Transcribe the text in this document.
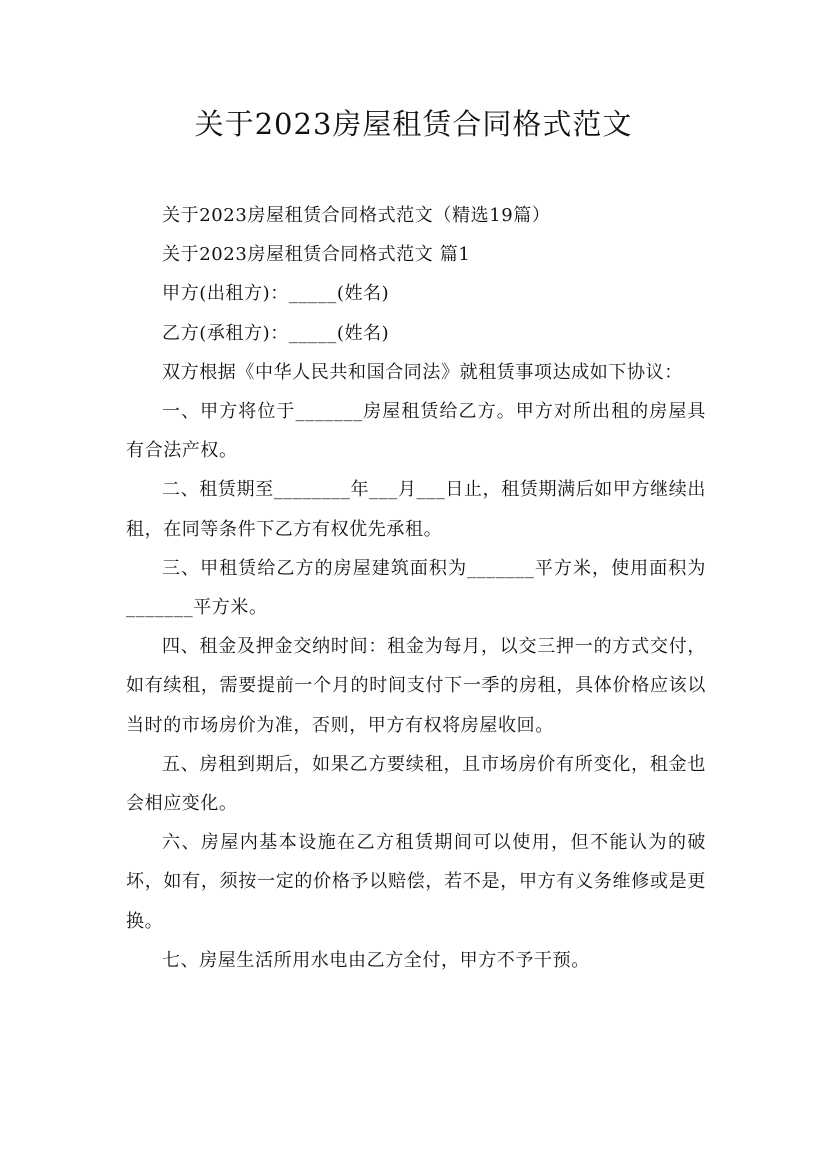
关于2023房屋租赁合同格式范文

关于2023房屋租赁合同格式范文（精选19篇）

关于2023房屋租赁合同格式范文 篇1

甲方(出租方)：_____(姓名)

乙方(承租方)：_____(姓名)

双方根据《中华人民共和国合同法》就租赁事项达成如下协议：

一、甲方将位于_______房屋租赁给乙方。甲方对所出租的房屋具有合法产权。

二、租赁期至________年___月___日止，租赁期满后如甲方继续出租，在同等条件下乙方有权优先承租。

三、甲租赁给乙方的房屋建筑面积为_______平方米，使用面积为_______平方米。

四、租金及押金交纳时间：租金为每月，以交三押一的方式交付，如有续租，需要提前一个月的时间支付下一季的房租，具体价格应该以当时的市场房价为准，否则，甲方有权将房屋收回。

五、房租到期后，如果乙方要续租，且市场房价有所变化，租金也会相应变化。

六、房屋内基本设施在乙方租赁期间可以使用，但不能认为的破坏，如有，须按一定的价格予以赔偿，若不是，甲方有义务维修或是更换。

七、房屋生活所用水电由乙方全付，甲方不予干预。
